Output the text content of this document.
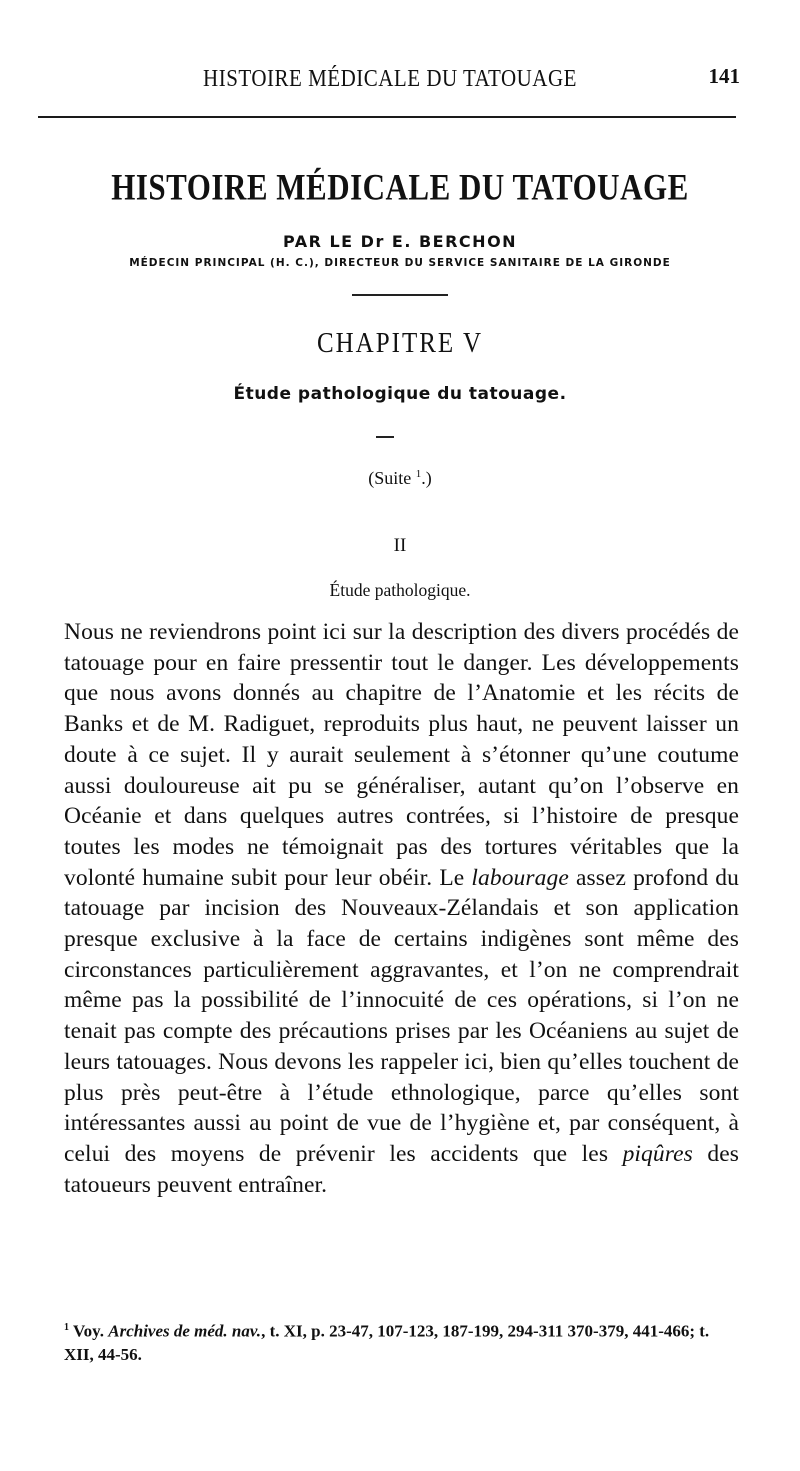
HISTOIRE MÉDICALE DU TATOUAGE	141
HISTOIRE MÉDICALE DU TATOUAGE
PAR LE Dr E. BERCHON
MÉDECIN PRINCIPAL (H. C.), DIRECTEUR DU SERVICE SANITAIRE DE LA GIRONDE
CHAPITRE V
Étude pathologique du tatouage.
(Suite $^1$.)
II
Étude pathologique.

Nous ne reviendrons point ici sur la description des divers procédés de tatouage pour en faire pressentir tout le danger. Les développements que nous avons donnés au chapitre de l’Anatomie et les récits de Banks et de M. Radiguet, reproduits plus haut, ne peuvent laisser un doute à ce sujet. Il y aurait seulement à s’étonner qu’une coutume aussi douloureuse ait pu se généraliser, autant qu’on l’observe en Océanie et dans quelques autres contrées, si l’histoire de presque toutes les modes ne témoignait pas des tortures véritables que la volonté humaine subit pour leur obéir. Le labourage assez profond du tatouage par incision des Nouveaux-Zélandais et son application presque exclusive à la face de certains indigènes sont même des circonstances particulièrement aggravantes, et l’on ne comprendrait même pas la possibilité de l’innocuité de ces opérations, si l’on ne tenait pas compte des précautions prises par les Océaniens au sujet de leurs tatouages. Nous devons les rappeler ici, bien qu’elles touchent de plus près peut-être à l’étude ethnologique, parce qu’elles sont intéressantes aussi au point de vue de l’hygiène et, par conséquent, à celui des moyens de prévenir les accidents que les piqûres des tatoueurs peuvent entraîner.

$^1$ Voy. Archives de méd. nav., t. XI, p. 23-47, 107-123, 187-199, 294-311 370-379, 441-466; t. XII, 44-56.
